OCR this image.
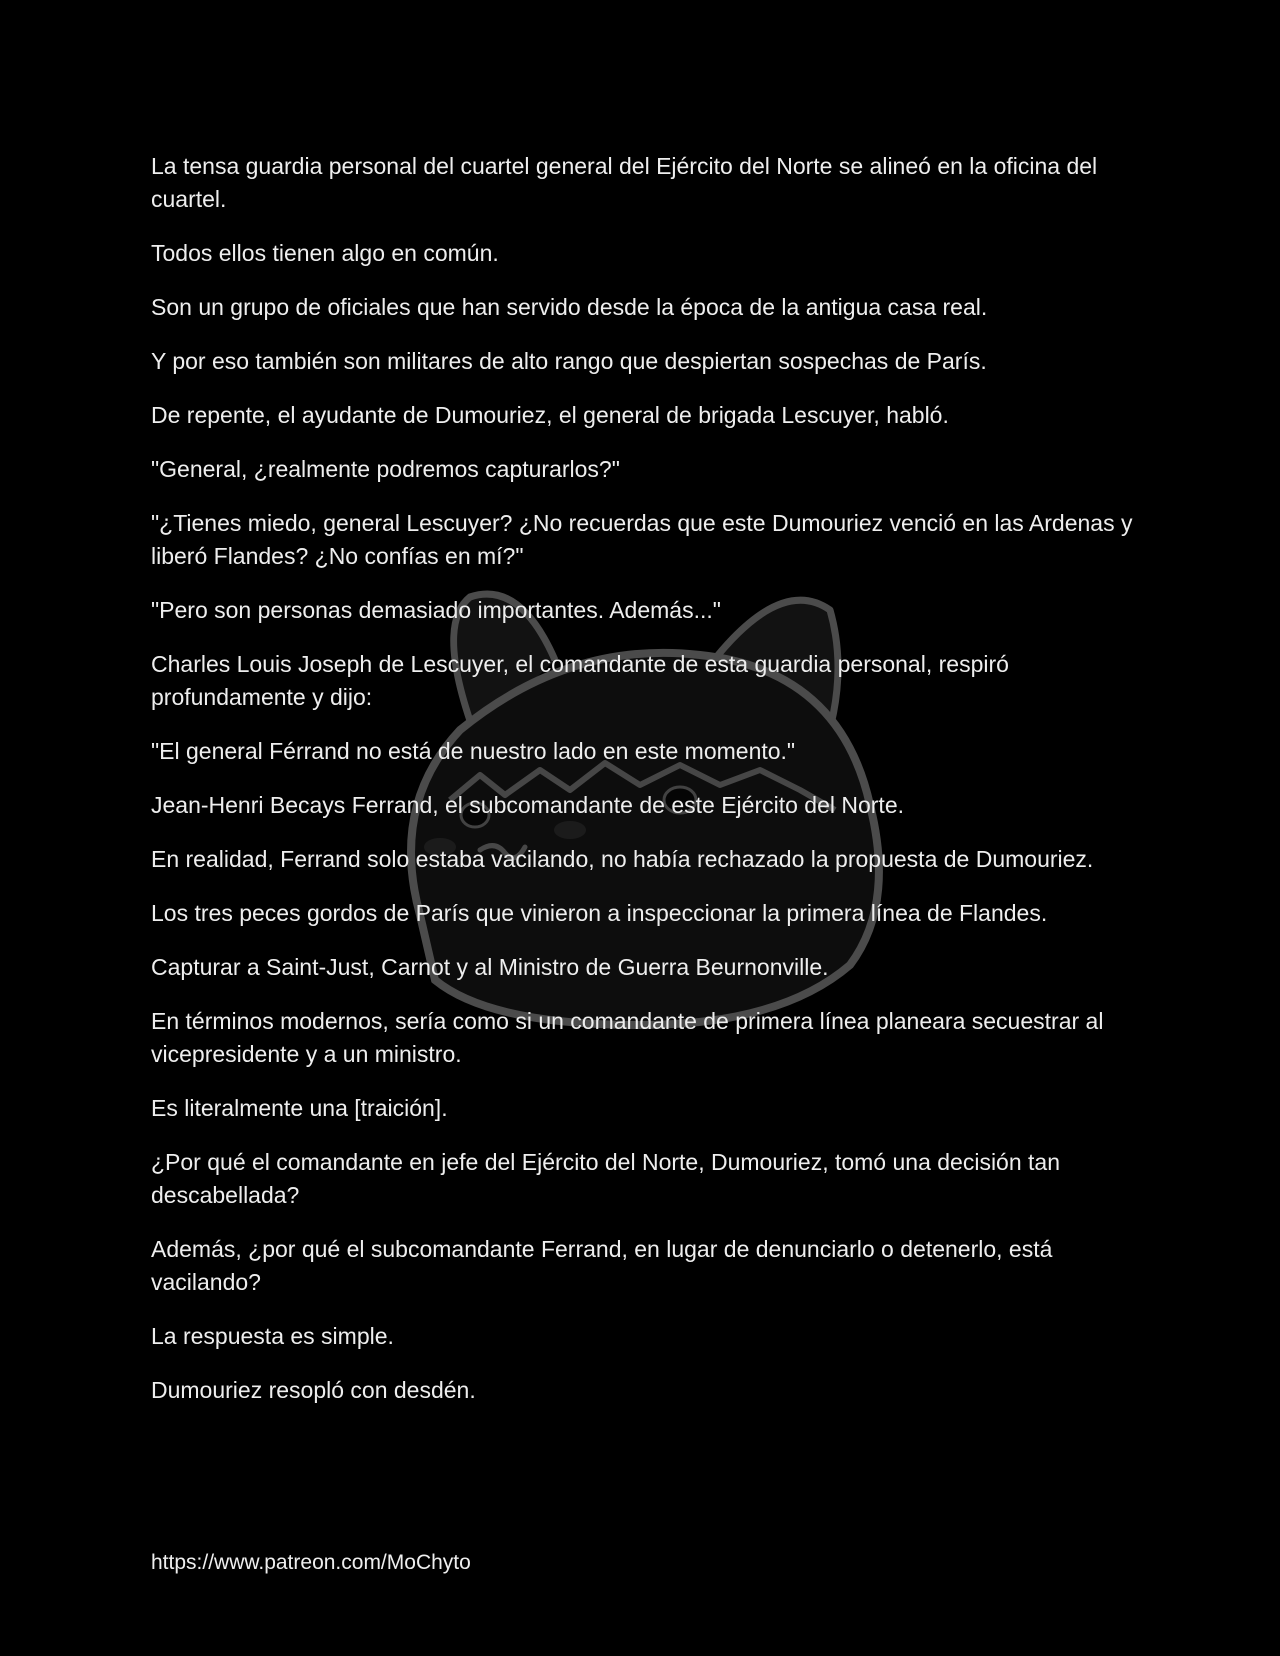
La tensa guardia personal del cuartel general del Ejército del Norte se alineó en la oficina del cuartel.

Todos ellos tienen algo en común.

Son un grupo de oficiales que han servido desde la época de la antigua casa real.

Y por eso también son militares de alto rango que despiertan sospechas de París.

De repente, el ayudante de Dumouriez, el general de brigada Lescuyer, habló.

"General, ¿realmente podremos capturarlos?"

"¿Tienes miedo, general Lescuyer? ¿No recuerdas que este Dumouriez venció en las Ardenas y liberó Flandes? ¿No confías en mí?"

"Pero son personas demasiado importantes. Además..."

Charles Louis Joseph de Lescuyer, el comandante de esta guardia personal, respiró profundamente y dijo:

"El general Férrand no está de nuestro lado en este momento."

Jean-Henri Becays Ferrand, el subcomandante de este Ejército del Norte.

En realidad, Ferrand solo estaba vacilando, no había rechazado la propuesta de Dumouriez.

Los tres peces gordos de París que vinieron a inspeccionar la primera línea de Flandes.

Capturar a Saint-Just, Carnot y al Ministro de Guerra Beurnonville.

En términos modernos, sería como si un comandante de primera línea planeara secuestrar al vicepresidente y a un ministro.

Es literalmente una [traición].

¿Por qué el comandante en jefe del Ejército del Norte, Dumouriez, tomó una decisión tan descabellada?

Además, ¿por qué el subcomandante Ferrand, en lugar de denunciarlo o detenerlo, está vacilando?

La respuesta es simple.

Dumouriez resopló con desdén.

https://www.patreon.com/MoChyto
